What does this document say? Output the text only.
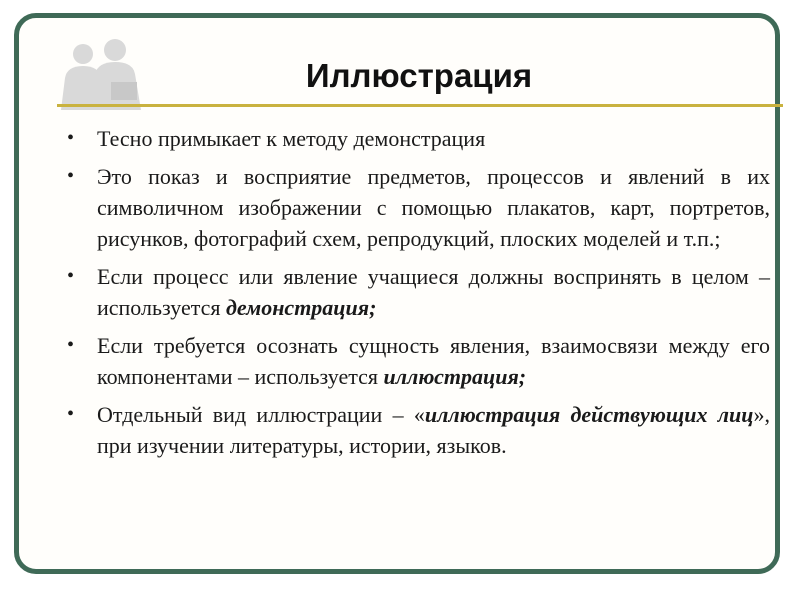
Иллюстрация
• Тесно примыкает к методу демонстрация
• Это показ и восприятие предметов, процессов и явлений в их символичном изображении с помощью плакатов, карт, портретов, рисунков, фотографий схем, репродукций, плоских моделей и т.п.;
• Если процесс или явление учащиеся должны воспринять в целом – используется демонстрация;
• Если требуется осознать сущность явления, взаимосвязи между его компонентами – используется иллюстрация;
• Отдельный вид иллюстрации – «иллюстрация действующих лиц», при изучении литературы, истории, языков.
